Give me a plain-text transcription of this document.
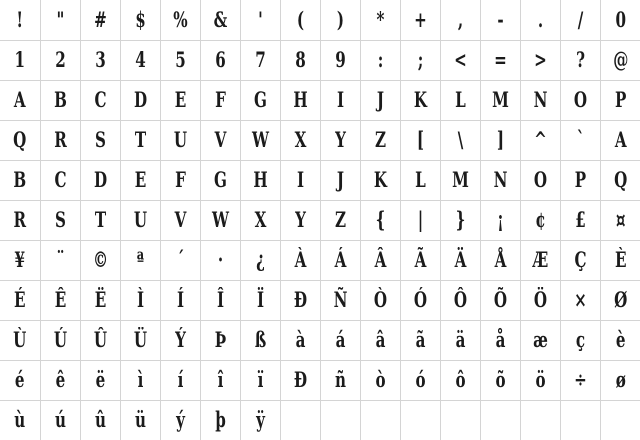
!	"	#	$	%	&	'	(	)	*	+	,	-	.	/	0

1	2	3	4	5	6	7	8	9	:	;	<	=	>	?	@

A	B	C	D	E	F	G	H	I	J	K	L	M	N	O	P

Q	R	S	T	U	V	W	X	Y	Z	[	\	]	^	`	A

B	C	D	E	F	G	H	I	J	K	L	M	N	O	P	Q

R	S	T	U	V	W	X	Y	Z	{	|	}	¡	¢	£	¤

¥	¨	©	ª	´	·	¿	À	Á	Â	Ã	Ä	Å	Æ	Ç	È

É	Ê	Ë	Ì	Í	Î	Ï	Ð	Ñ	Ò	Ó	Ô	Õ	Ö	×	Ø

Ù	Ú	Û	Ü	Ý	Þ	ß	à	á	â	ã	ä	å	æ	ç	è

é	ê	ë	ì	í	î	ï	Ð	ñ	ò	ó	ô	õ	ö	÷	ø

ù	ú	û	ü	ý	þ	ÿ									
